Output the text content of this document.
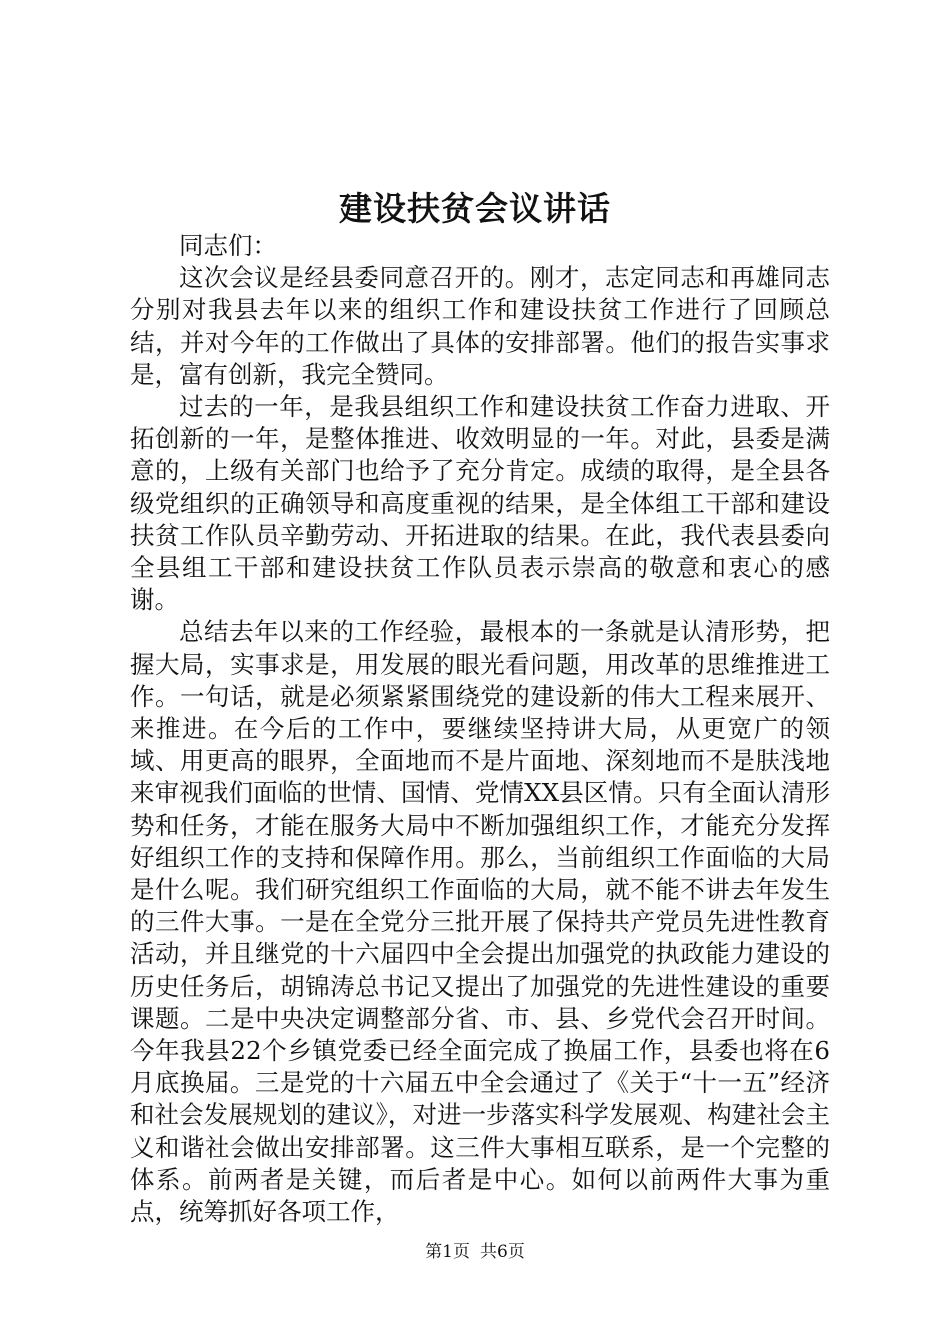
建设扶贫会议讲话

同志们：

这次会议是经县委同意召开的。刚才，志定同志和再雄同志分别对我县去年以来的组织工作和建设扶贫工作进行了回顾总结，并对今年的工作做出了具体的安排部署。他们的报告实事求是，富有创新，我完全赞同。

过去的一年，是我县组织工作和建设扶贫工作奋力进取、开拓创新的一年，是整体推进、收效明显的一年。对此，县委是满意的，上级有关部门也给予了充分肯定。成绩的取得，是全县各级党组织的正确领导和高度重视的结果，是全体组工干部和建设扶贫工作队员辛勤劳动、开拓进取的结果。在此，我代表县委向全县组工干部和建设扶贫工作队员表示崇高的敬意和衷心的感谢。

总结去年以来的工作经验，最根本的一条就是认清形势，把握大局，实事求是，用发展的眼光看问题，用改革的思维推进工作。一句话，就是必须紧紧围绕党的建设新的伟大工程来展开、来推进。在今后的工作中，要继续坚持讲大局，从更宽广的领域、用更高的眼界，全面地而不是片面地、深刻地而不是肤浅地来审视我们面临的世情、国情、党情XX县区情。只有全面认清形势和任务，才能在服务大局中不断加强组织工作，才能充分发挥好组织工作的支持和保障作用。那么，当前组织工作面临的大局是什么呢。我们研究组织工作面临的大局，就不能不讲去年发生的三件大事。一是在全党分三批开展了保持共产党员先进性教育活动，并且继党的十六届四中全会提出加强党的执政能力建设的历史任务后，胡锦涛总书记又提出了加强党的先进性建设的重要课题。二是中央决定调整部分省、市、县、乡党代会召开时间。今年我县22个乡镇党委已经全面完成了换届工作，县委也将在6月底换届。三是党的十六届五中全会通过了《关于“十一五”经济和社会发展规划的建议》，对进一步落实科学发展观、构建社会主义和谐社会做出安排部署。这三件大事相互联系，是一个完整的体系。前两者是关键，而后者是中心。如何以前两件大事为重点，统筹抓好各项工作，

第1页 共6页
